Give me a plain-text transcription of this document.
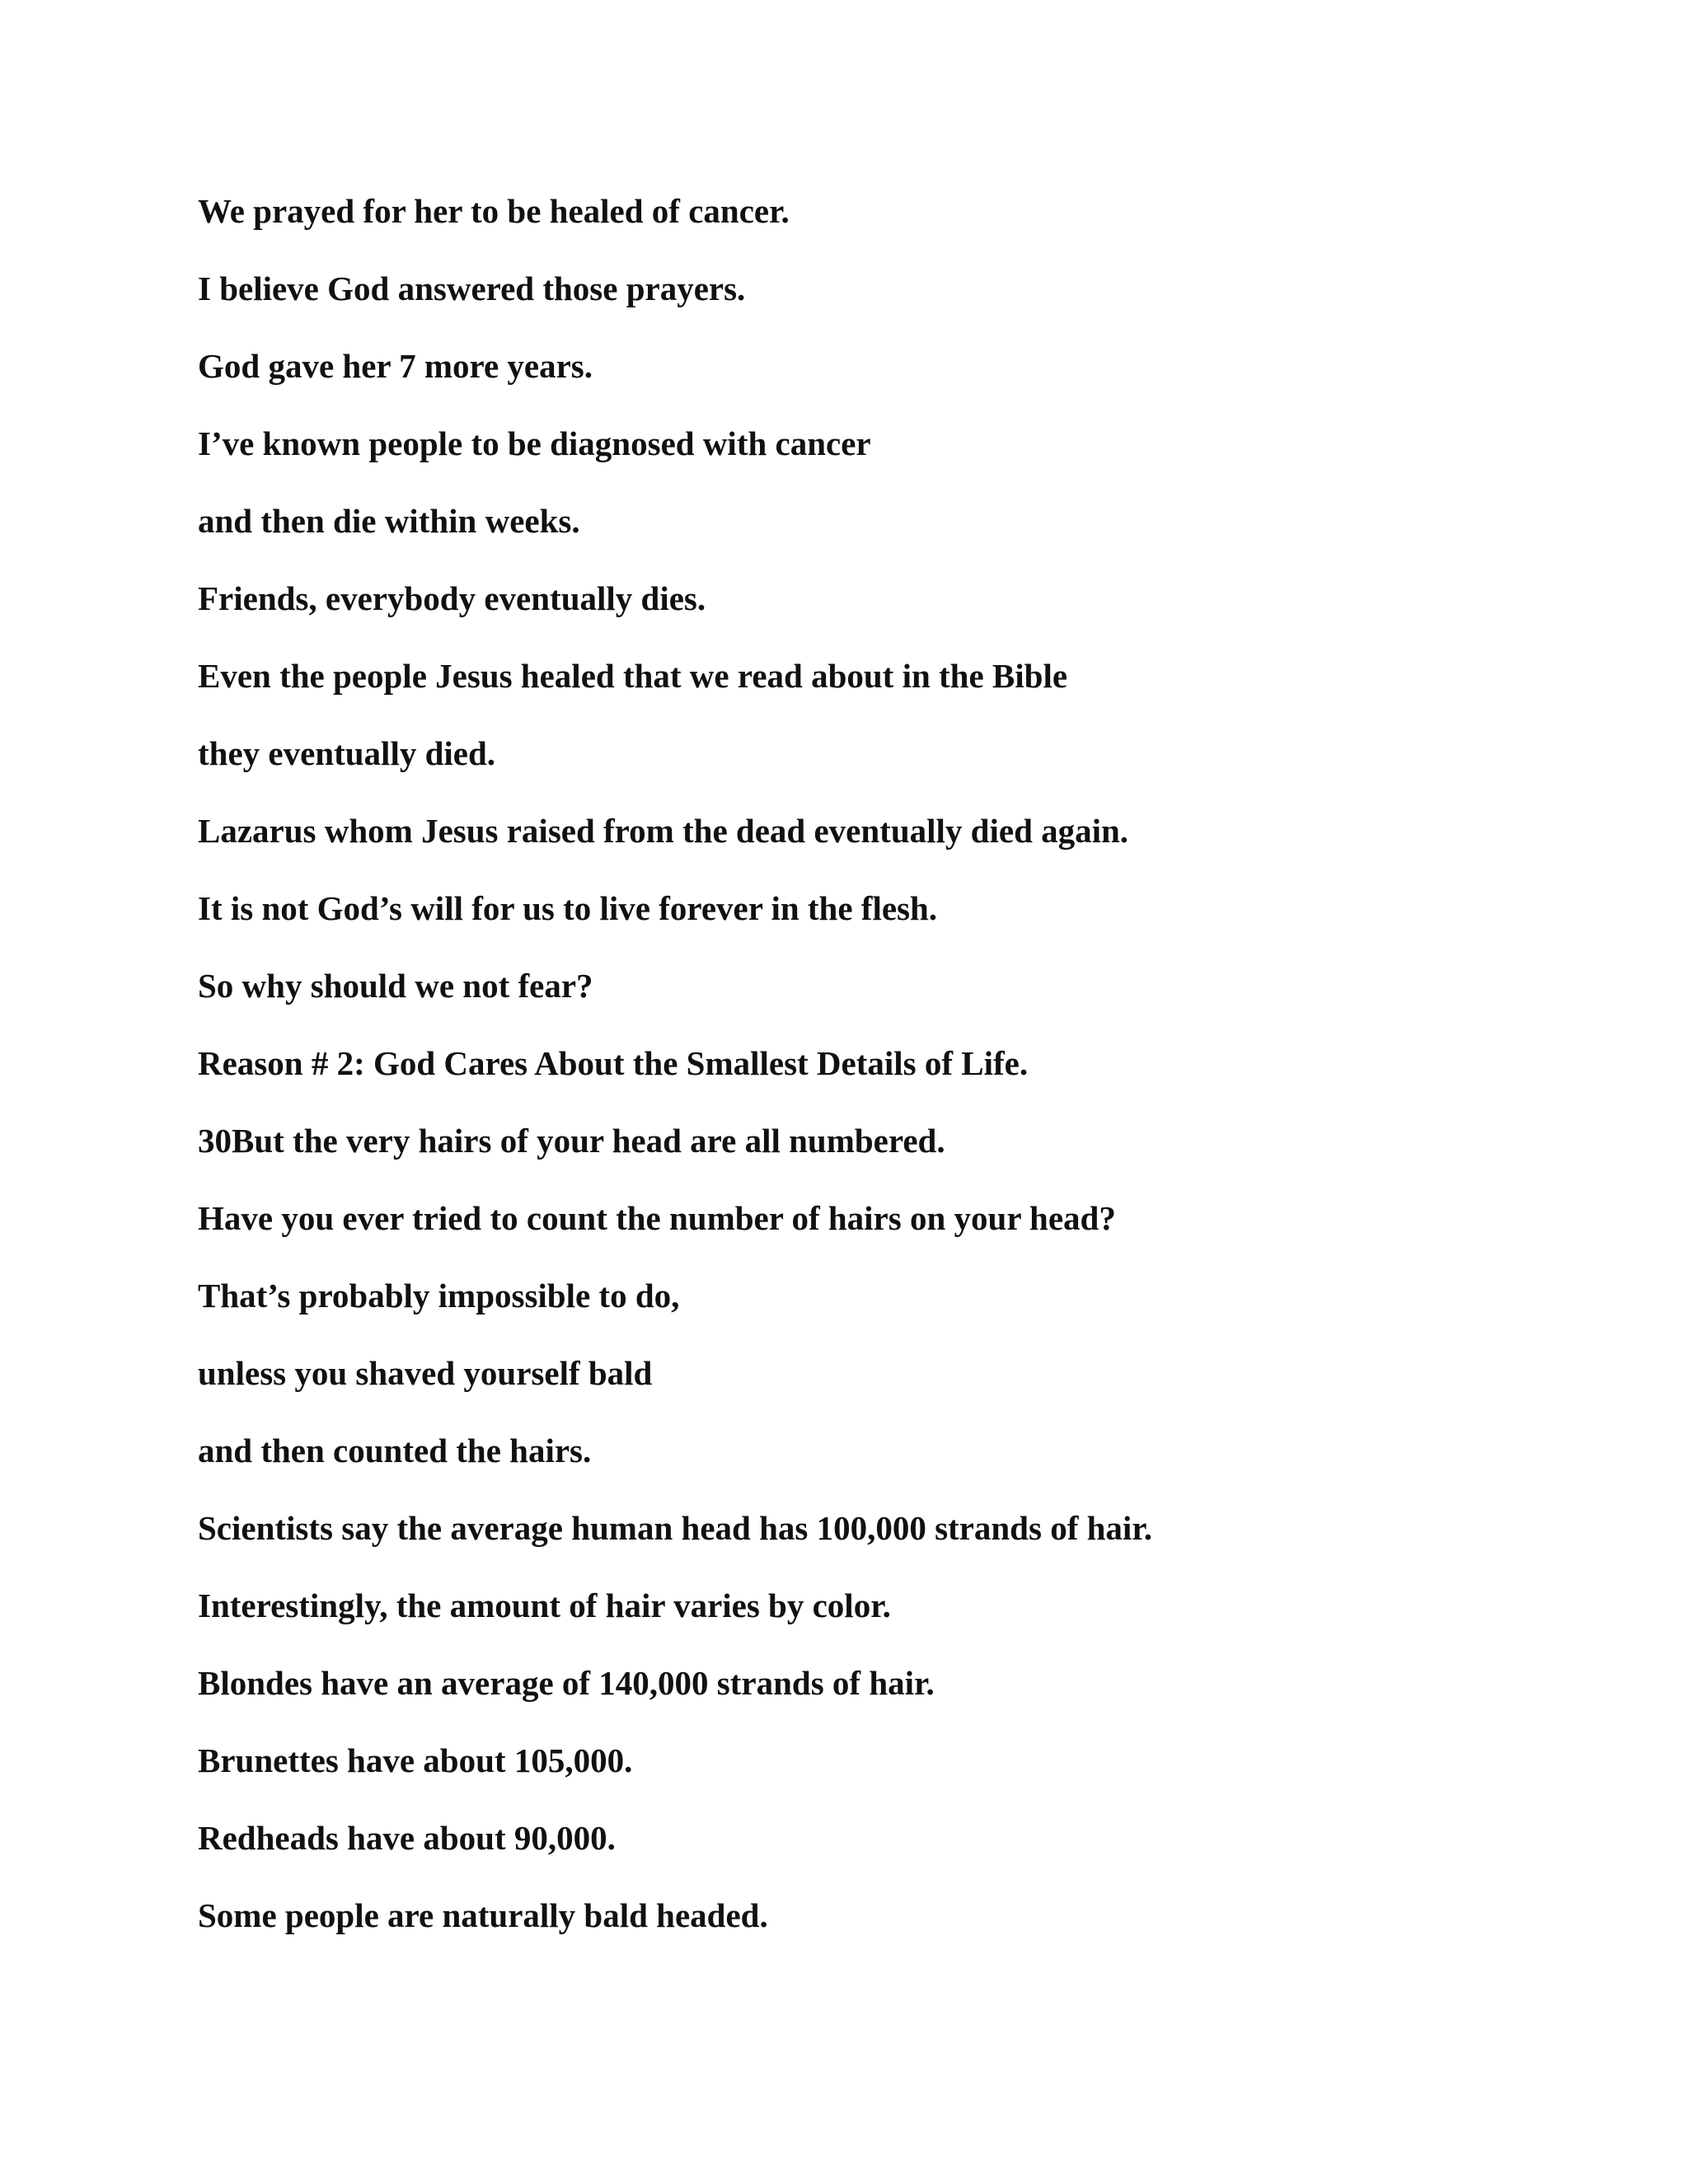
We prayed for her to be healed of cancer.
I believe God answered those prayers.
God gave her 7 more years.
I’ve known people to be diagnosed with cancer
and then die within weeks.
Friends, everybody eventually dies.
Even the people Jesus healed that we read about in the Bible
they eventually died.
Lazarus whom Jesus raised from the dead eventually died again.
It is not God’s will for us to live forever in the flesh.
So why should we not fear?
Reason # 2: God Cares About the Smallest Details of Life.
30But the very hairs of your head are all numbered.
Have you ever tried to count the number of hairs on your head?
That’s probably impossible to do,
unless you shaved yourself bald
and then counted the hairs.
Scientists say the average human head has 100,000 strands of hair.
Interestingly, the amount of hair varies by color.
Blondes have an average of 140,000 strands of hair.
Brunettes have about 105,000.
Redheads have about 90,000.
Some people are naturally bald headed.
